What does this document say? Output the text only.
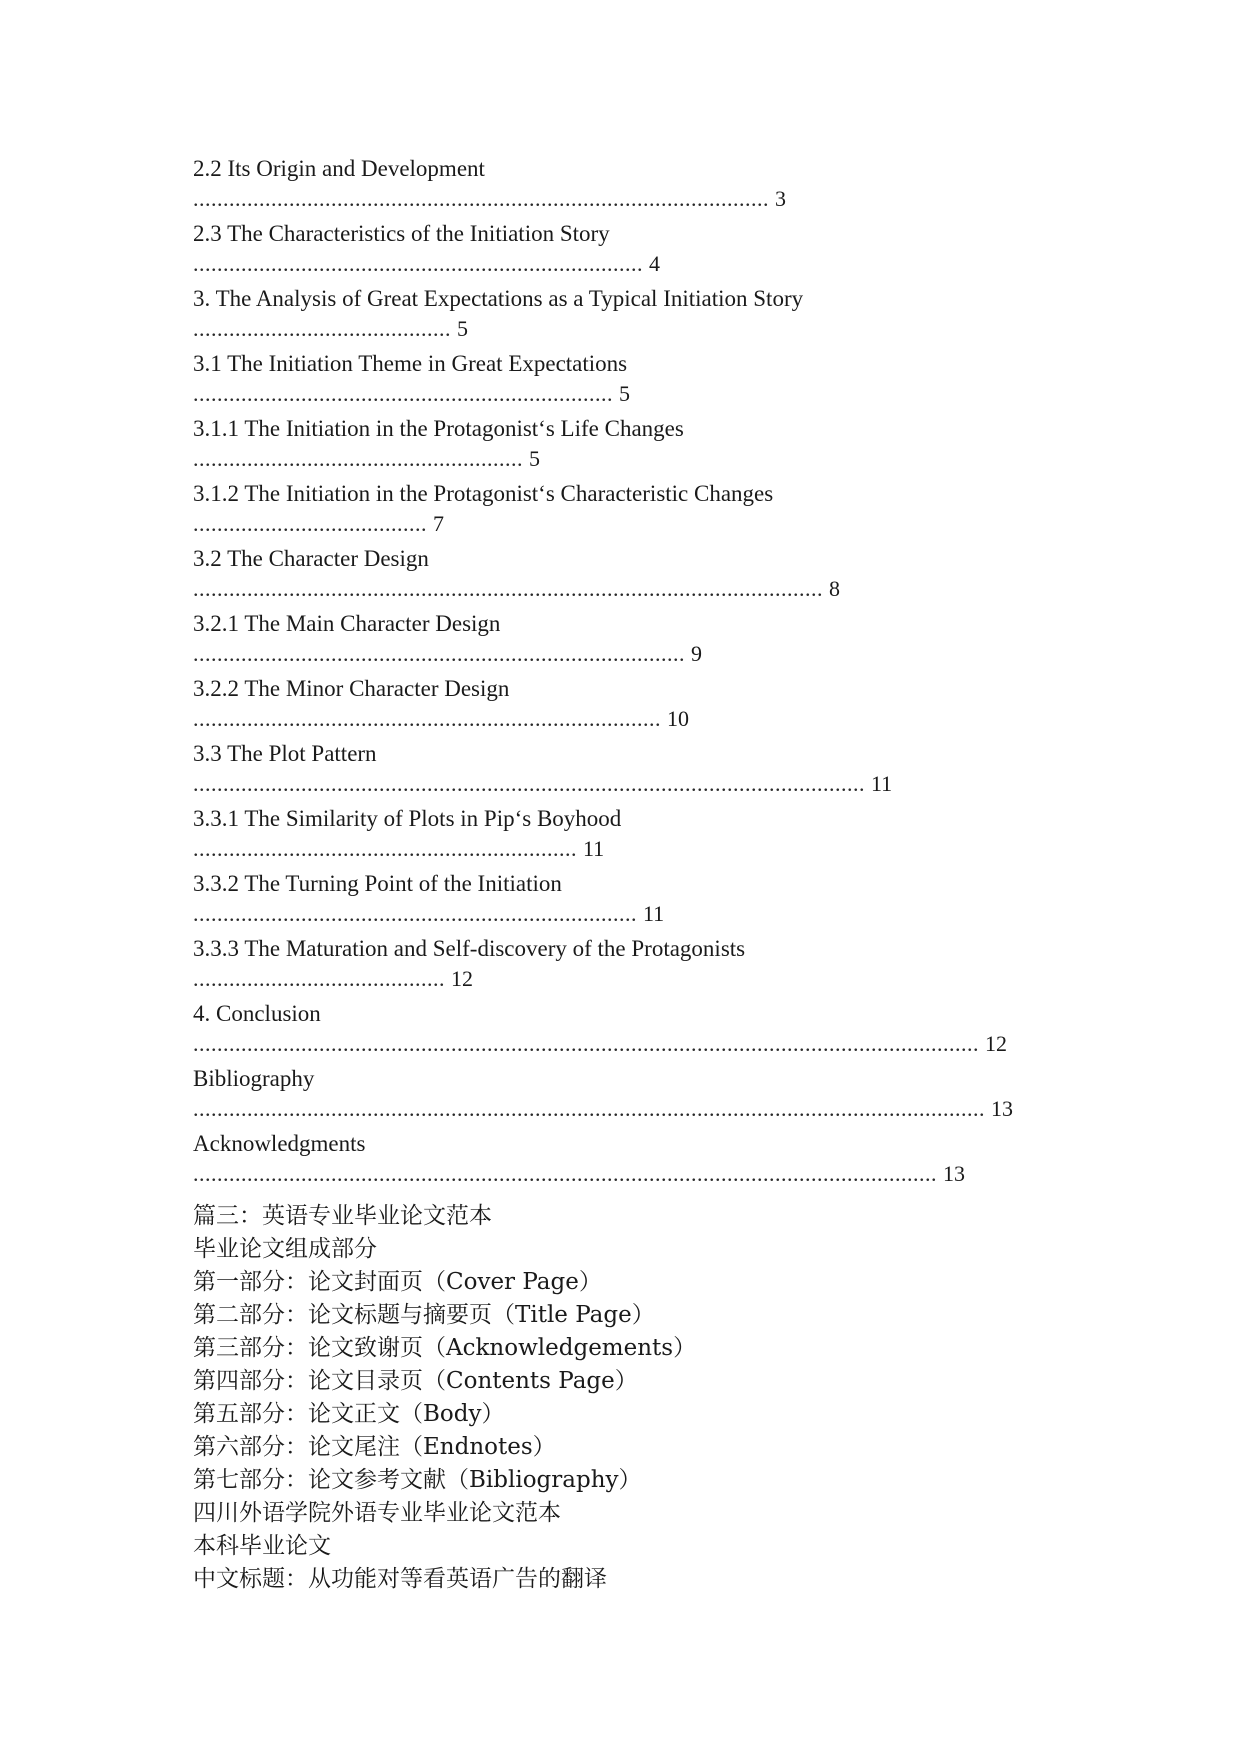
2.2 Its Origin and Development
................................................................................................ 3
2.3 The Characteristics of the Initiation Story
........................................................................... 4
3. The Analysis of Great Expectations as a Typical Initiation Story
........................................... 5
3.1 The Initiation Theme in Great Expectations
...................................................................... 5
3.1.1 The Initiation in the Protagonist‘s Life Changes
....................................................... 5
3.1.2 The Initiation in the Protagonist‘s Characteristic Changes
....................................... 7
3.2 The Character Design
......................................................................................................... 8
3.2.1 The Main Character Design
.................................................................................. 9
3.2.2 The Minor Character Design
.............................................................................. 10
3.3 The Plot Pattern
................................................................................................................ 11
3.3.1 The Similarity of Plots in Pip‘s Boyhood
................................................................ 11
3.3.2 The Turning Point of the Initiation
.......................................................................... 11
3.3.3 The Maturation and Self-discovery of the Protagonists
.......................................... 12
4. Conclusion
................................................................................................................................... 12
Bibliography
.................................................................................................................................... 13
Acknowledgments
............................................................................................................................ 13
篇三：英语专业毕业论文范本
毕业论文组成部分
第一部分：论文封面页（Cover Page）
第二部分：论文标题与摘要页（Title Page）
第三部分：论文致谢页（Acknowledgements）
第四部分：论文目录页（Contents Page）
第五部分：论文正文（Body）
第六部分：论文尾注（Endnotes）
第七部分：论文参考文献（Bibliography）
四川外语学院外语专业毕业论文范本
本科毕业论文
中文标题：从功能对等看英语广告的翻译
